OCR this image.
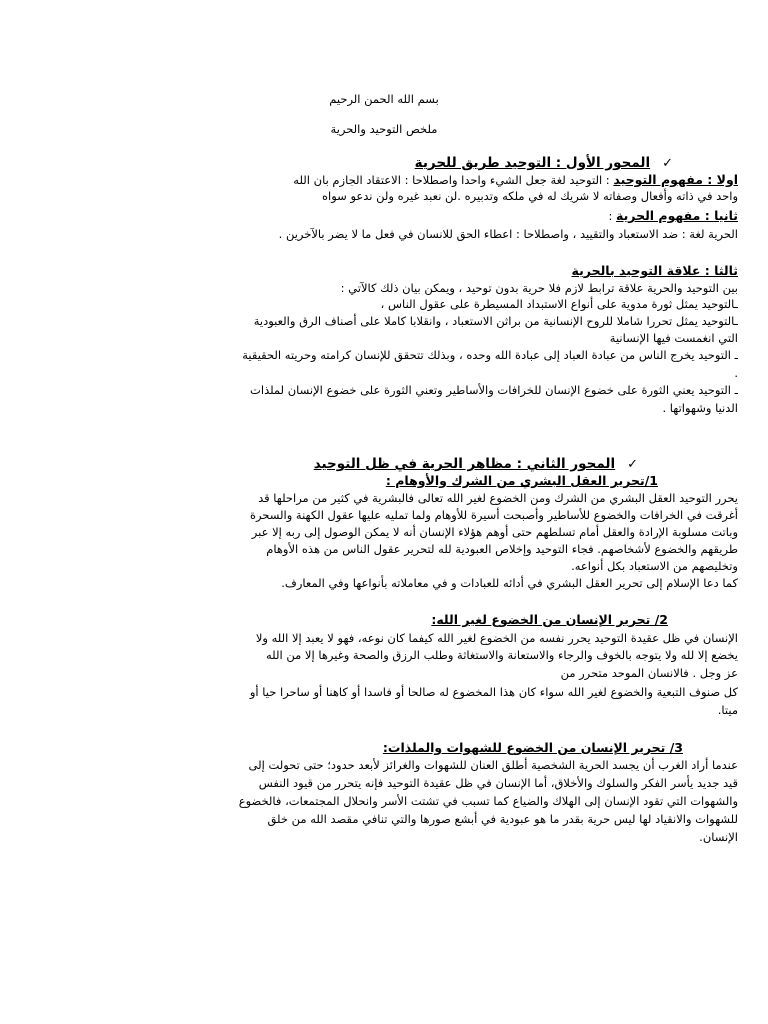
بسم الله الحمن الرحيم
ملخص التوحيد والحرية
✓المحور الأول : التوحيد طريق للحرية
اولا : مفهوم التوحيد : التوحيد لغة جعل الشيء واحدا واصطلاحا : الاعتقاد الجازم بان الله
واحد في ذاته وأفعال وصفاته لا شريك له في ملكه وتدبيره .لن نعبد غيره ولن ندعو سواه
ثانيا : مفهوم الحرية :
الحرية لغة : ضد الاستعباد والتقييد ، واصطلاحا : اعطاء الحق للانسان في فعل ما لا يضر بالآخرين .
ثالثا : علاقة التوحيد بالحرية
بين التوحيد والحرية علاقة ترابط لازم فلا حرية بدون توحيد ، ويمكن بيان ذلك كالآتي :
ـالتوحيد يمثل ثورة مدوية على أنواع الاستبداد المسيطرة على عقول الناس ،
ـالتوحيد يمثل تحررا شاملا للروح الإنسانية من براثن الاستعباد ، وانقلابا كاملا على أصناف الرق والعبودية
التي انغمست فيها الإنسانية
ـ التوحيد يخرج الناس من عبادة العباد إلى عبادة الله وحده ، وبذلك تتحقق للإنسان كرامته وحريته الحقيقية
.
ـ التوحيد يعني الثورة على خضوع الإنسان للخرافات والأساطير وتعني الثورة على خضوع الإنسان لملذات
الدنيا وشهواتها .
✓المحور الثاني : مظاهر الحرية في ظل التوحيد
1/تحرير العقل البشري من الشرك والأوهام :
يحرر التوحيد العقل البشري من الشرك ومن الخضوع لغير الله تعالى فالبشرية في كثير من مراحلها قد
أغرقت في الخرافات والخضوع للأساطير وأصبحت أسيرة للأوهام ولما تمليه عليها عقول الكهنة والسحرة
وباتت مسلوبة الإرادة والعقل أمام تسلطهم حتى أوهم هؤلاء الإنسان أنه لا يمكن الوصول إلى ربه إلا عبر
طريقهم والخضوع لأشخاصهم. فجاء التوحيد وإخلاص العبودية لله لتحرير عقول الناس من هذه الأوهام
وتخليصهم من الاستعباد بكل أنواعه.
كما دعا الإسلام إلى تحرير العقل البشري في أدائه للعبادات و في معاملاته بأنواعها وفي المعارف.
2/ تحرير الإنسان من الخضوع لغير الله:
الإنسان في ظل عقيدة التوحيد يحرر نفسه من الخضوع لغير الله كيفما كان نوعه، فهو لا يعبد إلا الله ولا
يخضع إلا لله ولا يتوجه بالخوف والرجاء والاستعانة والاستغاثة وطلب الرزق والصحة وغيرها إلا من الله
عز وجل . فالانسان الموحد متحرر من
كل صنوف التبعية والخضوع لغير الله سواء كان هذا المخضوع له صالحا أو فاسدا أو كاهنا أو ساحرا حيا أو
ميتا.
3/ تحرير الإنسان من الخضوع للشهوات والملذات:
عندما أراد الغرب أن يجسد الحرية الشخصية أطلق العنان للشهوات والغرائز لأبعد حدود؛ حتى تحولت إلى
قيد جديد يأسر الفكر والسلوك والأخلاق، أما الإنسان في ظل عقيدة التوحيد فإنه يتحرر من قيود النفس
والشهوات التي تقود الإنسان إلى الهلاك والضياع كما تسبب في تشتت الأسر وانحلال المجتمعات، فالخضوع
للشهوات والانقياد لها ليس حرية بقدر ما هو عبودية في أبشع صورها والتي تنافي مقصد الله من خلق
الإنسان.
